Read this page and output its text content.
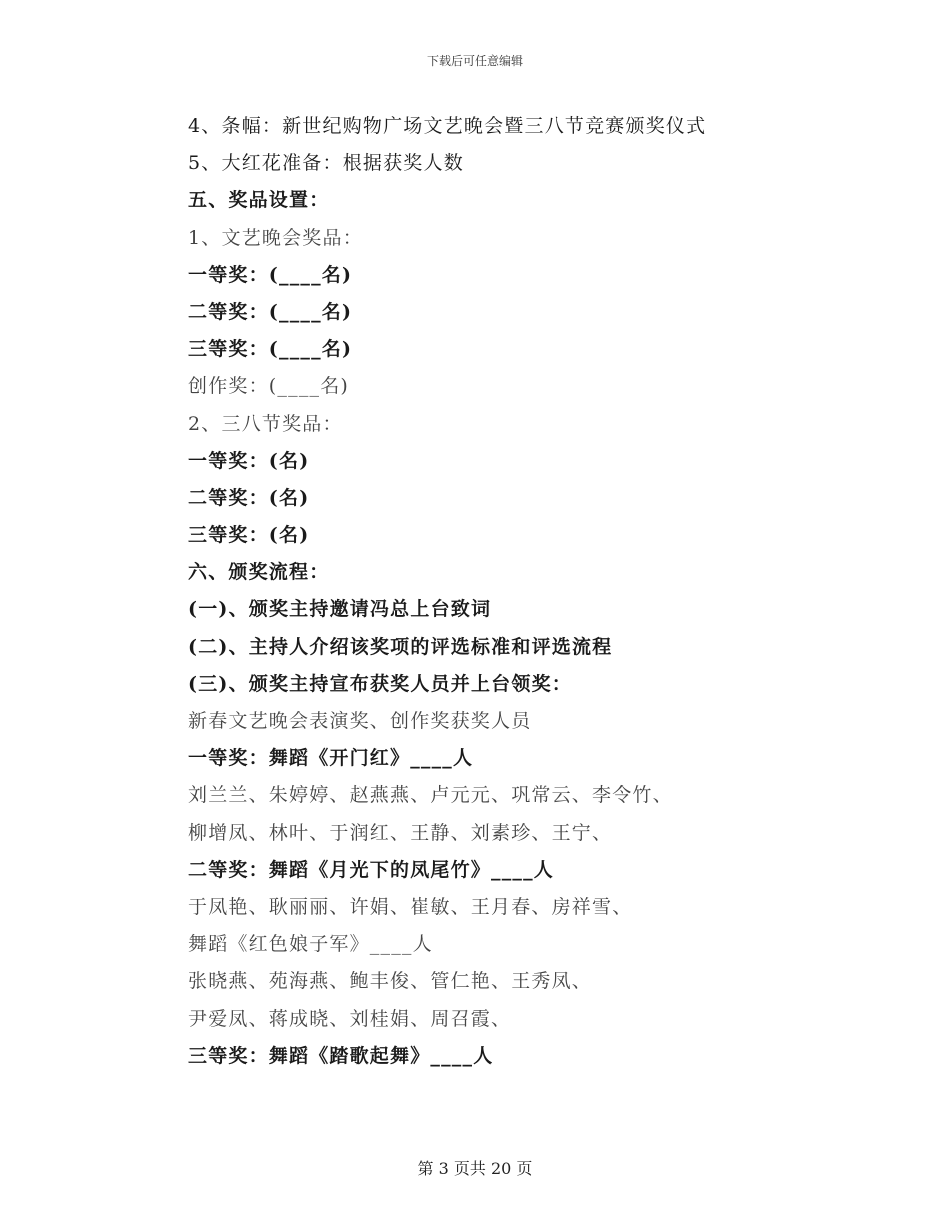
下载后可任意编辑
4、条幅：新世纪购物广场文艺晚会暨三八节竞赛颁奖仪式
5、大红花准备：根据获奖人数
五、奖品设置：
1、文艺晚会奖品：
一等奖：(____名)
二等奖：(____名)
三等奖：(____名)
创作奖：(____名)
2、三八节奖品：
一等奖：(名)
二等奖：(名)
三等奖：(名)
六、颁奖流程：
(一)、颁奖主持邀请冯总上台致词
(二)、主持人介绍该奖项的评选标准和评选流程
(三)、颁奖主持宣布获奖人员并上台领奖：
新春文艺晚会表演奖、创作奖获奖人员
一等奖：舞蹈《开门红》____人
刘兰兰、朱婷婷、赵燕燕、卢元元、巩常云、李令竹、
柳增凤、林叶、于润红、王静、刘素珍、王宁、
二等奖：舞蹈《月光下的凤尾竹》____人
于凤艳、耿丽丽、许娟、崔敏、王月春、房祥雪、
舞蹈《红色娘子军》____人
张晓燕、苑海燕、鲍丰俊、管仁艳、王秀凤、
尹爱凤、蒋成晓、刘桂娟、周召霞、
三等奖：舞蹈《踏歌起舞》____人
第 3 页共 20 页
